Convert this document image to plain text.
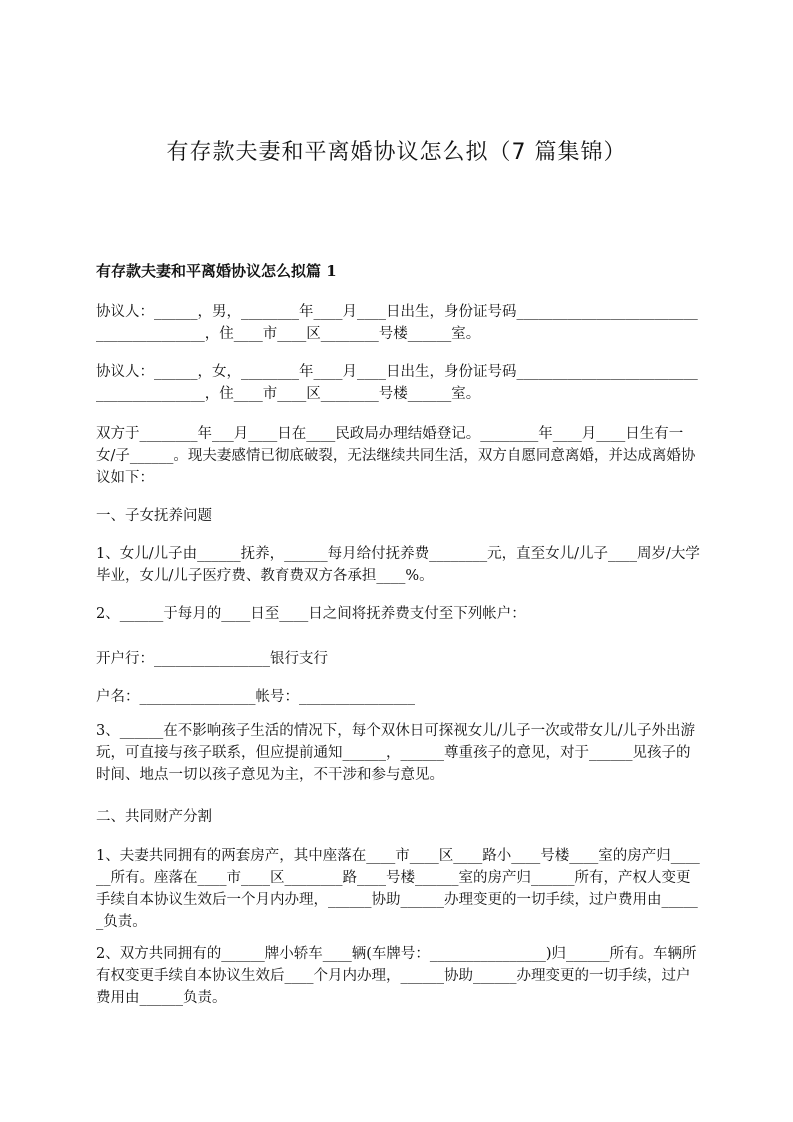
有存款夫妻和平离婚协议怎么拟（7 篇集锦）
有存款夫妻和平离婚协议怎么拟篇 1

协议人：______，男，________年____月____日出生，身份证号码________________________________________，住____市____区________号楼______室。

协议人：______，女，________年____月____日出生，身份证号码________________________________________，住____市____区________号楼______室。

双方于________年___月____日在____民政局办理结婚登记。________年____月____日生有一女/子______。现夫妻感情已彻底破裂，无法继续共同生活，双方自愿同意离婚，并达成离婚协议如下：

一、子女抚养问题

1、女儿/儿子由______抚养，______每月给付抚养费________元，直至女儿/儿子____周岁/大学毕业，女儿/儿子医疗费、教育费双方各承担____%。

2、______于每月的____日至____日之间将抚养费支付至下列帐户：

开户行：________________银行支行

户名：________________帐号：________________

3、______在不影响孩子生活的情况下，每个双休日可探视女儿/儿子一次或带女儿/儿子外出游玩，可直接与孩子联系，但应提前通知______，______尊重孩子的意见，对于______见孩子的时间、地点一切以孩子意见为主，不干涉和参与意见。

二、共同财产分割

1、夫妻共同拥有的两套房产，其中座落在____市____区____路小____号楼____室的房产归______所有。座落在____市____区________路____号楼______室的房产归______所有，产权人变更手续自本协议生效后一个月内办理，______协助______办理变更的一切手续，过户费用由______负责。

2、双方共同拥有的______牌小轿车____辆(车牌号：________________)归______所有。车辆所有权变更手续自本协议生效后____个月内办理，______协助______办理变更的一切手续，过户费用由______负责。
